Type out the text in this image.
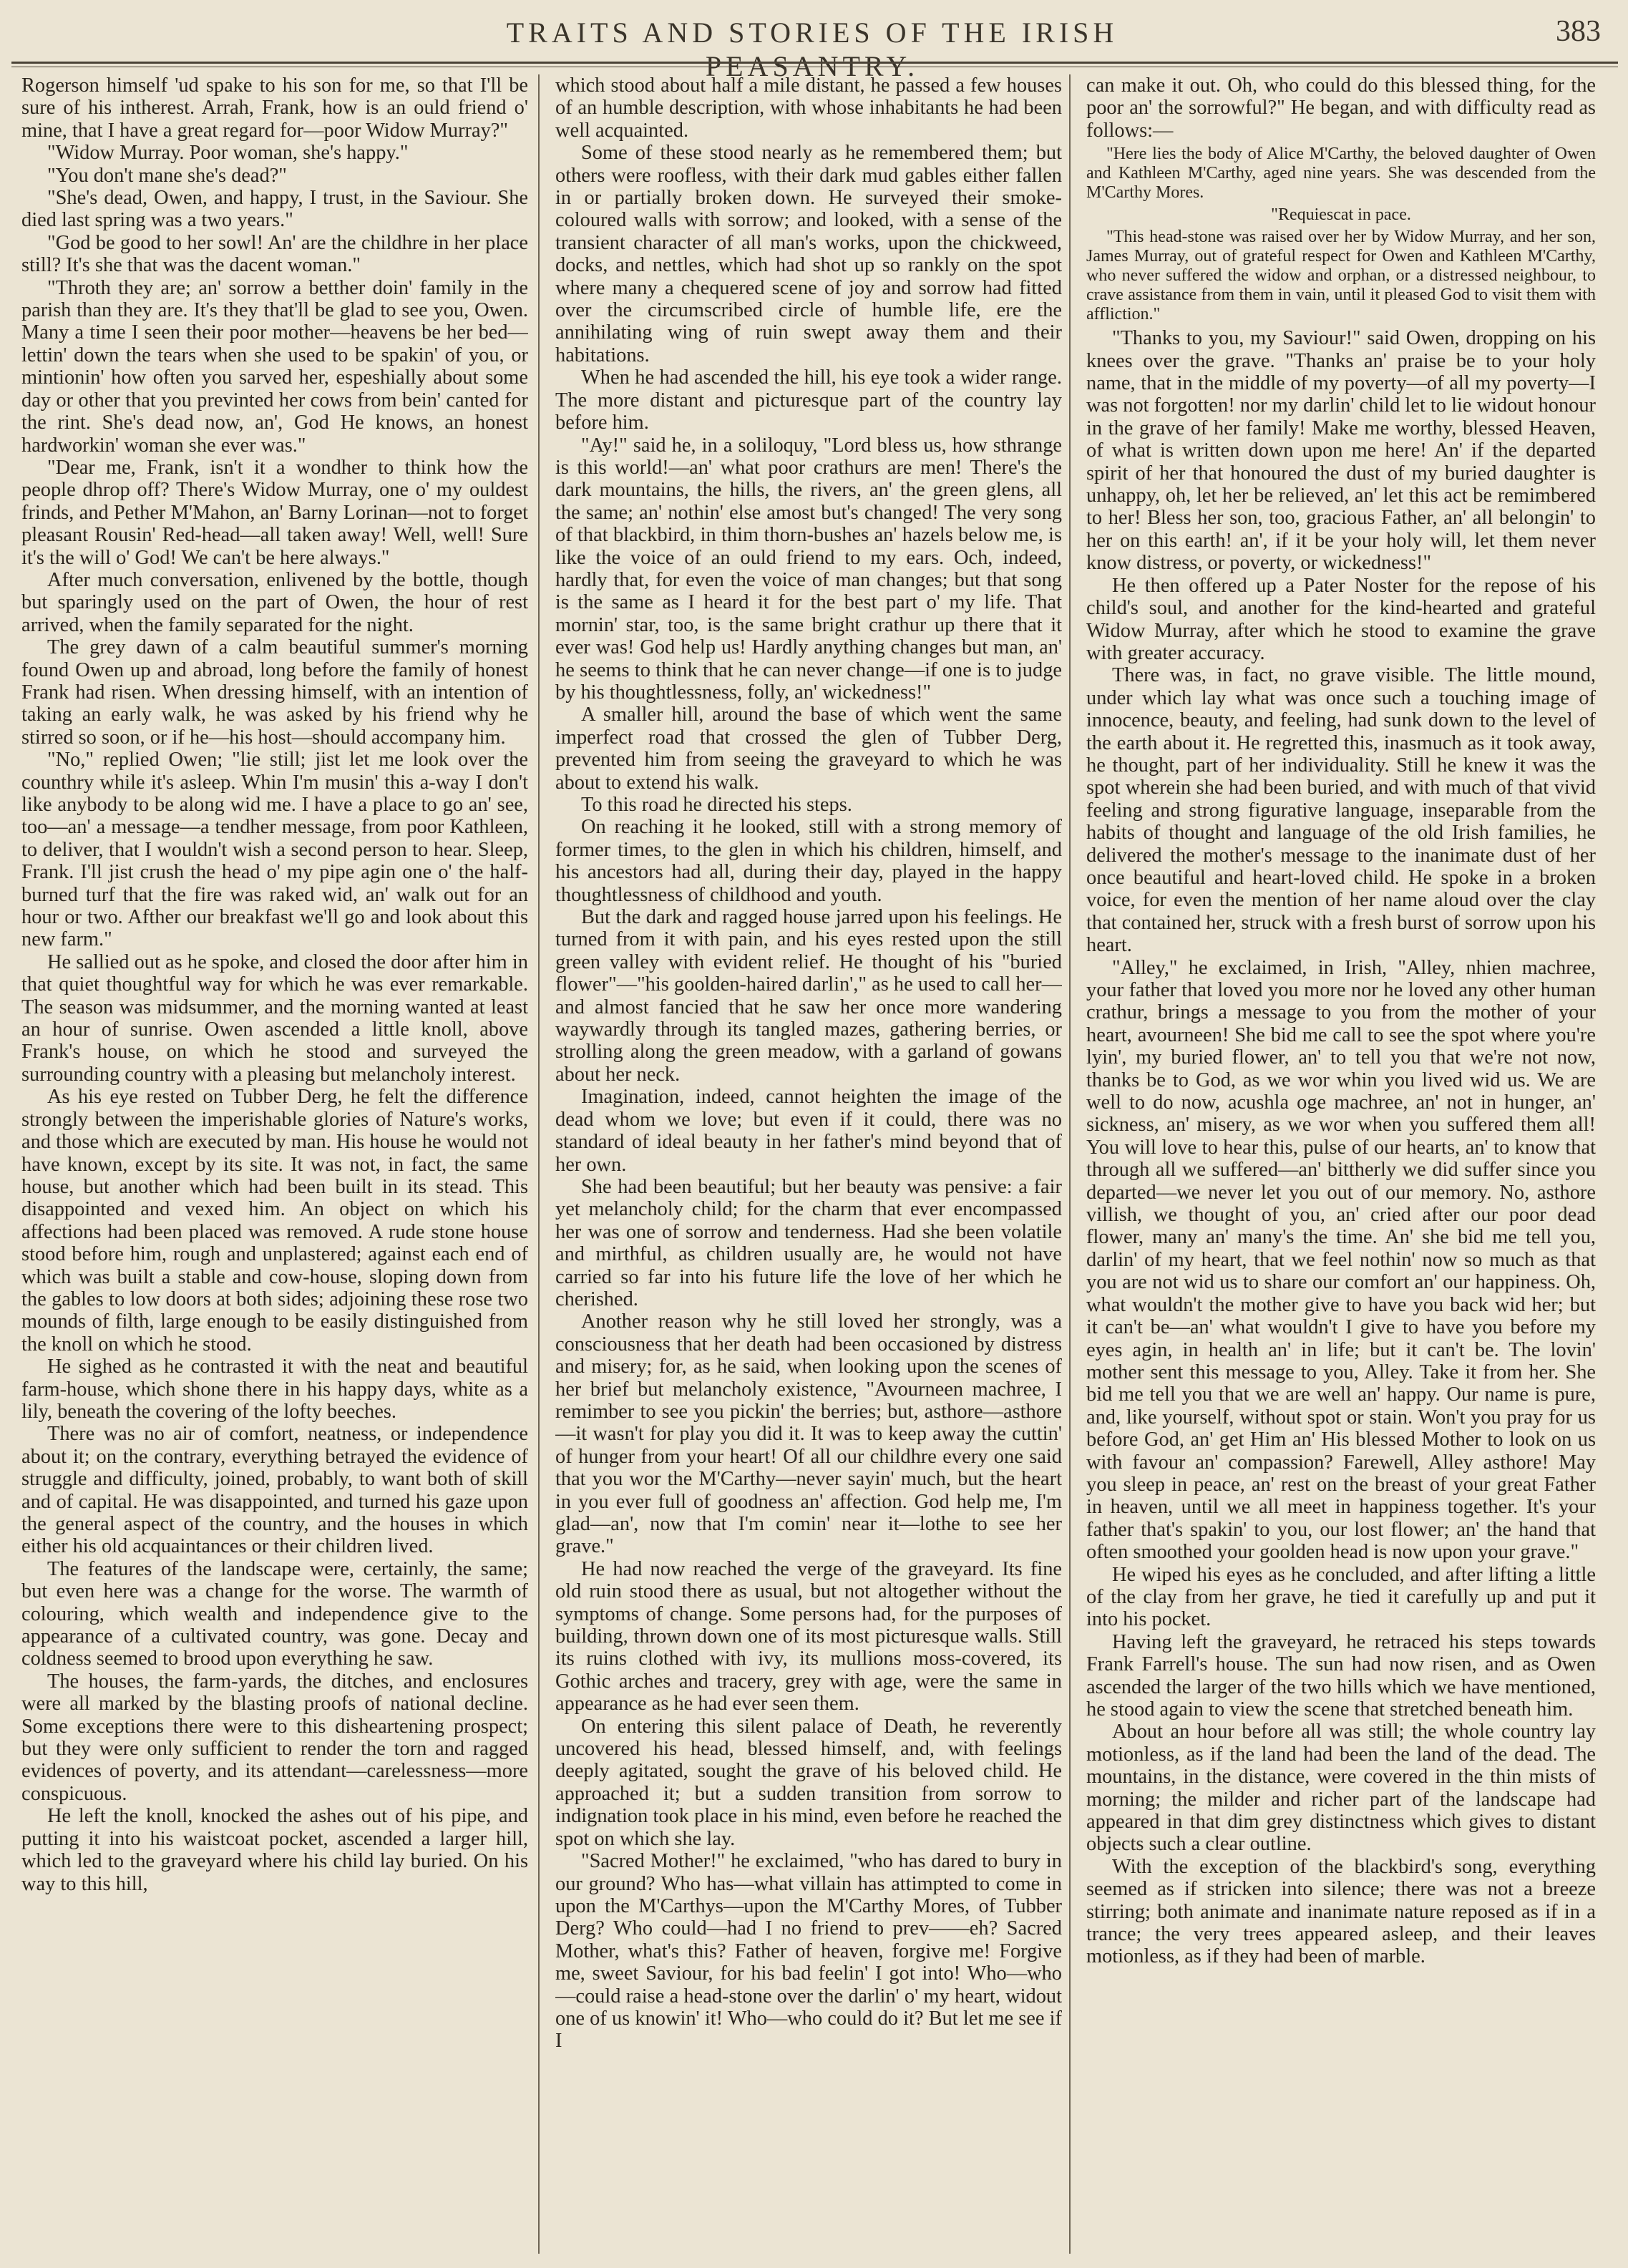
TRAITS AND STORIES OF THE IRISH	383

Rogerson himself 'ud spake to his son for me, so that I'll be sure of his intherest. Arrah, Frank, how is an ould friend o' mine, that I have a great regard for—poor Widow Murray?"

"Widow Murray. Poor woman, she's happy."

"You don't mane she's dead?"

"She's dead, Owen, and happy, I trust, in the Saviour. She died last spring was a two years."

"God be good to her sowl! An' are the childhre in her place still? It's she that was the dacent woman."

"Throth they are; an' sorrow a betther doin' family in the parish than they are. It's they that'll be glad to see you, Owen. Many a time I seen their poor mother—heavens be her bed—lettin' down the tears when she used to be spakin' of you, or mintionin' how often you sarved her, espeshially about some day or other that you previnted her cows from bein' canted for the rint. She's dead now, an', God He knows, an honest hardworkin' woman she ever was."

"Dear me, Frank, isn't it a wondher to think how the people dhrop off? There's Widow Murray, one o' my ouldest frinds, and Pether M'Mahon, an' Barny Lorinan—not to forget pleasant Rousin' Red-head—all taken away! Well, well! Sure it's the will o' God! We can't be here always."

After much conversation, enlivened by the bottle, though but sparingly used on the part of Owen, the hour of rest arrived, when the family separated for the night.

The grey dawn of a calm beautiful summer's morning found Owen up and abroad, long before the family of honest Frank had risen. When dressing himself, with an intention of taking an early walk, he was asked by his friend why he stirred so soon, or if he—his host—should accompany him.

"No," replied Owen; "lie still; jist let me look over the counthry while it's asleep. Whin I'm musin' this a-way I don't like anybody to be along wid me. I have a place to go an' see, too—an' a message—a tendher message, from poor Kathleen, to deliver, that I wouldn't wish a second person to hear. Sleep, Frank. I'll jist crush the head o' my pipe agin one o' the half-burned turf that the fire was raked wid, an' walk out for an hour or two. Afther our breakfast we'll go and look about this new farm."

He sallied out as he spoke, and closed the door after him in that quiet thoughtful way for which he was ever remarkable. The season was midsummer, and the morning wanted at least an hour of sunrise. Owen ascended a little knoll, above Frank's house, on which he stood and surveyed the surrounding country with a pleasing but melancholy interest.

As his eye rested on Tubber Derg, he felt the difference strongly between the imperishable glories of Nature's works, and those which are executed by man. His house he would not have known, except by its site. It was not, in fact, the same house, but another which had been built in its stead. This disappointed and vexed him. An object on which his affections had been placed was removed. A rude stone house stood before him, rough and unplastered; against each end of which was built a stable and cow-house, sloping down from the gables to low doors at both sides; adjoining these rose two mounds of filth, large enough to be easily distinguished from the knoll on which he stood.

He sighed as he contrasted it with the neat and beautiful farm-house, which shone there in his happy days, white as a lily, beneath the covering of the lofty beeches.

There was no air of comfort, neatness, or independence about it; on the contrary, everything betrayed the evidence of struggle and difficulty, joined, probably, to want both of skill and of capital. He was disappointed, and turned his gaze upon the general aspect of the country, and the houses in which either his old acquaintances or their children lived.

The features of the landscape were, certainly, the same; but even here was a change for the worse. The warmth of colouring, which wealth and independence give to the appearance of a cultivated country, was gone. Decay and coldness seemed to brood upon everything he saw.

The houses, the farm-yards, the ditches, and enclosures were all marked by the blasting proofs of national decline. Some exceptions there were to this disheartening prospect; but they were only sufficient to render the torn and ragged evidences of poverty, and its attendant—carelessness—more conspicuous.

He left the knoll, knocked the ashes out of his pipe, and putting it into his waistcoat pocket, ascended a larger hill, which led to the graveyard where his child lay buried. On his way to this hill,

which stood about half a mile distant, he passed a few houses of an humble description, with whose inhabitants he had been well acquainted.

Some of these stood nearly as he remembered them; but others were roofless, with their dark mud gables either fallen in or partially broken down. He surveyed their smoke-coloured walls with sorrow; and looked, with a sense of the transient character of all man's works, upon the chickweed, docks, and nettles, which had shot up so rankly on the spot where many a chequered scene of joy and sorrow had fitted over the circumscribed circle of humble life, ere the annihilating wing of ruin swept away them and their habitations.

When he had ascended the hill, his eye took a wider range. The more distant and picturesque part of the country lay before him.

"Ay!" said he, in a soliloquy, "Lord bless us, how sthrange is this world!—an' what poor crathurs are men! There's the dark mountains, the hills, the rivers, an' the green glens, all the same; an' nothin' else amost but's changed! The very song of that blackbird, in thim thorn-bushes an' hazels below me, is like the voice of an ould friend to my ears. Och, indeed, hardly that, for even the voice of man changes; but that song is the same as I heard it for the best part o' my life. That mornin' star, too, is the same bright crathur up there that it ever was! God help us! Hardly anything changes but man, an' he seems to think that he can never change—if one is to judge by his thoughtlessness, folly, an' wickedness!"

A smaller hill, around the base of which went the same imperfect road that crossed the glen of Tubber Derg, prevented him from seeing the graveyard to which he was about to extend his walk.

To this road he directed his steps.

On reaching it he looked, still with a strong memory of former times, to the glen in which his children, himself, and his ancestors had all, during their day, played in the happy thoughtlessness of childhood and youth.

But the dark and ragged house jarred upon his feelings. He turned from it with pain, and his eyes rested upon the still green valley with evident relief. He thought of his "buried flower"—"his goolden-haired darlin'," as he used to call her—and almost fancied that he saw her once more wandering waywardly through its tangled mazes, gathering berries, or strolling along the green meadow, with a garland of gowans about her neck.

Imagination, indeed, cannot heighten the image of the dead whom we love; but even if it could, there was no standard of ideal beauty in her father's mind beyond that of her own.

She had been beautiful; but her beauty was pensive: a fair yet melancholy child; for the charm that ever encompassed her was one of sorrow and tenderness. Had she been volatile and mirthful, as children usually are, he would not have carried so far into his future life the love of her which he cherished.

Another reason why he still loved her strongly, was a consciousness that her death had been occasioned by distress and misery; for, as he said, when looking upon the scenes of her brief but melancholy existence, "Avourneen machree, I remimber to see you pickin' the berries; but, asthore—asthore—it wasn't for play you did it. It was to keep away the cuttin' of hunger from your heart! Of all our childhre every one said that you wor the M'Carthy—never sayin' much, but the heart in you ever full of goodness an' affection. God help me, I'm glad—an', now that I'm comin' near it—lothe to see her grave."

He had now reached the verge of the graveyard. Its fine old ruin stood there as usual, but not altogether without the symptoms of change. Some persons had, for the purposes of building, thrown down one of its most picturesque walls. Still its ruins clothed with ivy, its mullions moss-covered, its Gothic arches and tracery, grey with age, were the same in appearance as he had ever seen them.

On entering this silent palace of Death, he reverently uncovered his head, blessed himself, and, with feelings deeply agitated, sought the grave of his beloved child. He approached it; but a sudden transition from sorrow to indignation took place in his mind, even before he reached the spot on which she lay.

"Sacred Mother!" he exclaimed, "who has dared to bury in our ground? Who has—what villain has attimpted to come in upon the M'Carthys—upon the M'Carthy Mores, of Tubber Derg? Who could—had I no friend to prev——eh? Sacred Mother, what's this? Father of heaven, forgive me! Forgive me, sweet Saviour, for his bad feelin' I got into! Who—who—could raise a head-stone over the darlin' o' my heart, widout one of us knowin' it! Who—who could do it? But let me see if I

can make it out. Oh, who could do this blessed thing, for the poor an' the sorrowful?" He began, and with difficulty read as follows:—

"Here lies the body of Alice M'Carthy, the beloved daughter of Owen and Kathleen M'Carthy, aged nine years. She was descended from the M'Carthy Mores.

"Requiescat in pace.

"This head-stone was raised over her by Widow Murray, and her son, James Murray, out of grateful respect for Owen and Kathleen M'Carthy, who never suffered the widow and orphan, or a distressed neighbour, to crave assistance from them in vain, until it pleased God to visit them with affliction."

"Thanks to you, my Saviour!" said Owen, dropping on his knees over the grave. "Thanks an' praise be to your holy name, that in the middle of my poverty—of all my poverty—I was not forgotten! nor my darlin' child let to lie widout honour in the grave of her family! Make me worthy, blessed Heaven, of what is written down upon me here! An' if the departed spirit of her that honoured the dust of my buried daughter is unhappy, oh, let her be relieved, an' let this act be remimbered to her! Bless her son, too, gracious Father, an' all belongin' to her on this earth! an', if it be your holy will, let them never know distress, or poverty, or wickedness!"

He then offered up a Pater Noster for the repose of his child's soul, and another for the kind-hearted and grateful Widow Murray, after which he stood to examine the grave with greater accuracy.

There was, in fact, no grave visible. The little mound, under which lay what was once such a touching image of innocence, beauty, and feeling, had sunk down to the level of the earth about it. He regretted this, inasmuch as it took away, he thought, part of her individuality. Still he knew it was the spot wherein she had been buried, and with much of that vivid feeling and strong figurative language, inseparable from the habits of thought and language of the old Irish families, he delivered the mother's message to the inanimate dust of her once beautiful and heart-loved child. He spoke in a broken voice, for even the mention of her name aloud over the clay that contained her, struck with a fresh burst of sorrow upon his heart.

"Alley," he exclaimed, in Irish, "Alley, nhien machree, your father that loved you more nor he loved any other human crathur, brings a message to you from the mother of your heart, avourneen! She bid me call to see the spot where you're lyin', my buried flower, an' to tell you that we're not now, thanks be to God, as we wor whin you lived wid us. We are well to do now, acushla oge machree, an' not in hunger, an' sickness, an' misery, as we wor when you suffered them all! You will love to hear this, pulse of our hearts, an' to know that through all we suffered—an' bittherly we did suffer since you departed—we never let you out of our memory. No, asthore villish, we thought of you, an' cried after our poor dead flower, many an' many's the time. An' she bid me tell you, darlin' of my heart, that we feel nothin' now so much as that you are not wid us to share our comfort an' our happiness. Oh, what wouldn't the mother give to have you back wid her; but it can't be—an' what wouldn't I give to have you before my eyes agin, in health an' in life; but it can't be. The lovin' mother sent this message to you, Alley. Take it from her. She bid me tell you that we are well an' happy. Our name is pure, and, like yourself, without spot or stain. Won't you pray for us before God, an' get Him an' His blessed Mother to look on us with favour an' compassion? Farewell, Alley asthore! May you sleep in peace, an' rest on the breast of your great Father in heaven, until we all meet in happiness together. It's your father that's spakin' to you, our lost flower; an' the hand that often smoothed your goolden head is now upon your grave."

He wiped his eyes as he concluded, and after lifting a little of the clay from her grave, he tied it carefully up and put it into his pocket.

Having left the graveyard, he retraced his steps towards Frank Farrell's house. The sun had now risen, and as Owen ascended the larger of the two hills which we have mentioned, he stood again to view the scene that stretched beneath him.

About an hour before all was still; the whole country lay motionless, as if the land had been the land of the dead. The mountains, in the distance, were covered in the thin mists of morning; the milder and richer part of the landscape had appeared in that dim grey distinctness which gives to distant objects such a clear outline.

With the exception of the blackbird's song, everything seemed as if stricken into silence; there was not a breeze stirring; both animate and inanimate nature reposed as if in a trance; the very trees appeared asleep, and their leaves motionless, as if they had been of marble.
